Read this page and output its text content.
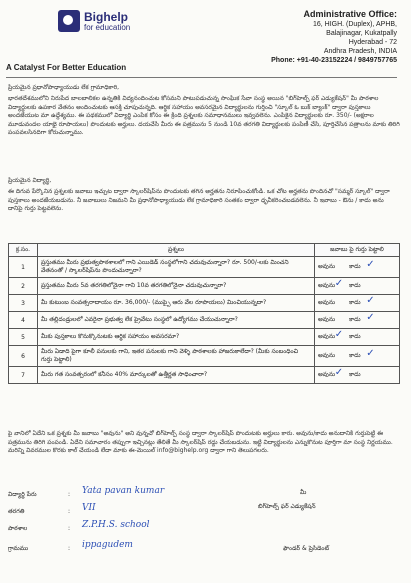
Bighelp
for education
A Catalyst For Better Education
Administrative Office:
16, HIGH. (Duplex), APHB,
Balajinagar, Kukatpally
Hyderabad - 72
Andhra Pradesh, INDIA
Phone: +91-40-23152224 / 9849757765
ప్రియమైన ప్రధానోపాధ్యాయుడు లేక గ్రామాధికారి,
భారతదేశములోని నిరుపేద బాలబాలికల ఉన్నతికి విద్యనందించుట కోసమని పాటుపడుచున్న సాంఘిక సేవా సంస్థ అయిన "బిగ్‌హెల్ప్ ఫర్ ఎడ్యుకేషన్" మీ పాఠశాల విద్యార్థులకు ఉపకార వేతనం అందించుటకు ఆసక్తి చూపుచున్నది. ఆర్థిక సహాయం అవసరమైన విద్యార్థులను గుర్తించి "స్కూల్ ఓ బుక్ బ్యాంక్" ద్వారా పుస్తకాలు అందజేయుట మా ఉద్దేశ్యము. ఈ పథకములో విద్యార్థి ఎంపిక కోసం ఈ క్రింది ప్రశ్నలకు సమాధానములు ఇవ్వవలెను. ఎంపికైన విద్యార్థులకు రూ. 350/- (అక్షరాల మూడువందల యాభై రూపాయలు) పొందుటకు అర్హులు. దయచేసి మీరు ఈ పత్రమును 5 నుండి 10వ తరగతి విద్యార్థులకు పంపిణీ చేసి, పూర్తిచేసిన పత్రాలను మాకు తిరిగి పంపవలసినదిగా కోరుచున్నాము.
ప్రియమైన విద్యార్థి,
ఈ దిగువ పేర్కొనిన ప్రశ్నలకు జవాబు ఇచ్చుట ద్వారా స్కాలర్‌షిప్‌ను పొందుటకు తగిన అర్హతను నిరూపించుకోండి. ఒక చోట అర్హతను పొందినచో "సమ్మర్ స్కూల్" ద్వారా పుస్తకాలు అందజేయబడును. నీ జవాబులు నిజమని మీ ప్రధానోపాధ్యాయుడు లేక గ్రామాధికారి సంతకం ద్వారా ధృవీకరించబడవలెను. నీ ఇవాబు - ఔను / కాదు అను దానిపై గుర్తు పెట్టవలెను.
క్ర.సం.	ప్రశ్నలు	జవాబు పై గుర్తు పెట్టాలి
1	ప్రస్తుతము మీరు ప్రభుత్వపాఠశాలలో గాని ఎయిడెడ్ సంస్థలోగాని చదువుచున్నారా? రూ. 500/-లకు మించని వేతనంతో / స్కాలర్‌షిప్‌ను పొందుచున్నారా?	అవును కాదు ✓

2	ప్రస్తుతము మీరు 5వ తరగతిలోనైనా గాని 10వ తరగతిలోనైనా చదువుచున్నారా?	అవును ✓ కాదు
3	మీ కుటుంబ సంవత్సరాదాయం రూ. 36,000/- (ముప్పై ఆరు వేల రూపాయలు) మించియున్నదా?	అవును కాదు ✓

4	మీ తల్లిదండ్రులలో ఎవరైనా ప్రభుత్వ లేక ప్రైవేటు సంస్థలో ఉద్యోగము చేయుచున్నారా?	అవును కాదు ✓

5	మీకు పుస్తకాలు కొనుక్కొనుటకు ఆర్థిక సహాయం అవసరమా?	అవును ✓ కాదు
6	మీరు ఏడాది పైగా కూలీ పనులకు గాని, ఇతర పనులకు గాని వెళ్ళి పాఠశాలకు హాజరుకాలేదా? (మీకు సంబంధించి గుర్తు పెట్టాలి)	అవును కాదు ✓

7	మీరు గత సంవత్సరంలో కనీసం 40% మార్కులతో ఉత్తీర్ణత సాధించారా?	అవును ✓ కాదు
పై వానిలో ఏదేని ఒక ప్రశ్నకు మీ జవాబు "అవును" అని వున్నచో బిగ్‌హెల్ప్ సంస్థ ద్వారా స్కాలర్‌షిప్ పొందుటకు అర్హులు కారు. అవును/కాదు అనుదానికి గుర్తుపెట్టి ఈ పత్రమును తిరిగి పంపండి. ఏదేని సమాచారం తప్పుగా ఇచ్చినట్లు తేలితే మీ స్కాలర్‌షిప్ రద్దు చేయబడును. ఇట్టి విద్యార్థులను ఎన్నుకొనుట పూర్తిగా మా సంస్థ నిర్ణయము. మరిన్ని వివరముల కొరకు కాల్ చేయండి లేదా మాకు ఈ-మెయిల్ info@bighelp.org ద్వారా గాని తెలుపగలరు.
విద్యార్థి పేరు	: Yata pavan kumar
తరగతి	: VII
పాఠశాల	: Z.P.H.S. school
గ్రామము	: ippagudem
మీ
బిగ్‌హెల్ప్ ఫర్ ఎడ్యుకేషన్
ఫౌండర్ & ప్రెసిడెంట్
